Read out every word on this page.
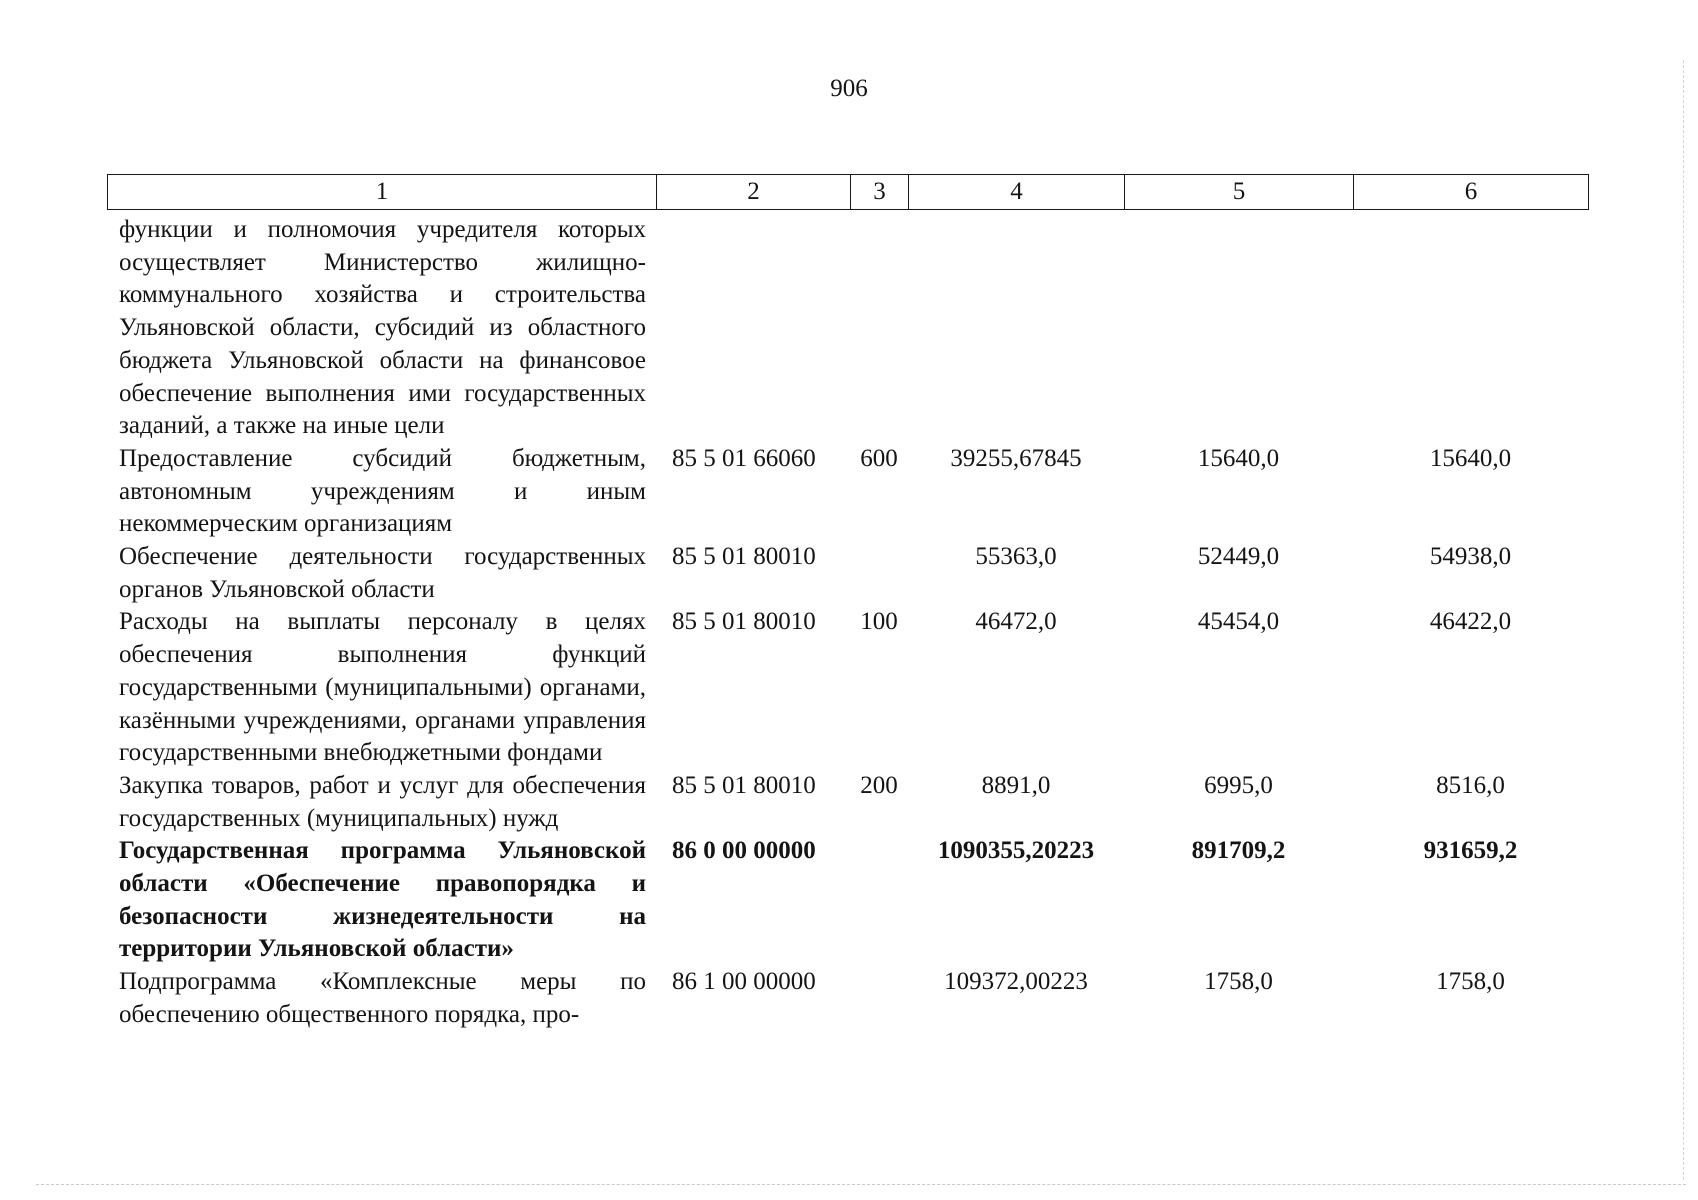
906
1	2	3	4	5	6
функции и полномочия учредителя которых осуществляет Министерство жилищно-коммунального хозяйства и строительства Ульяновской области, субсидий из областного бюджета Ульяновской области на финансовое обеспечение выполнения ими государственных заданий, а также на иные цели					
Предоставление субсидий бюджетным, автономным учреждениям и иным некоммерческим организациям	85 5 01 66060	600	39255,67845	15640,0	15640,0
Обеспечение деятельности государственных органов Ульяновской области	85 5 01 80010		55363,0	52449,0	54938,0
Расходы на выплаты персоналу в целях обеспечения выполнения функций государственными (муниципальными) органами, казёнными учреждениями, органами управления государственными внебюджетными фондами	85 5 01 80010	100	46472,0	45454,0	46422,0
Закупка товаров, работ и услуг для обеспечения государственных (муниципальных) нужд	85 5 01 80010	200	8891,0	6995,0	8516,0
Государственная программа Ульяновской области «Обеспечение правопорядка и безопасности жизнедеятельности на территории Ульяновской области»	86 0 00 00000		1090355,20223	891709,2	931659,2
Подпрограмма «Комплексные меры по обеспечению общественного порядка, про-	86 1 00 00000		109372,00223	1758,0	1758,0
